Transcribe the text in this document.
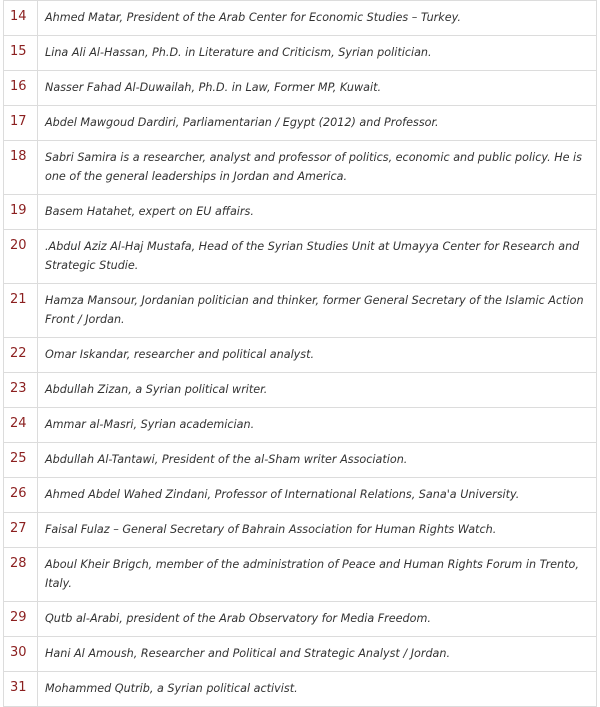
14	Ahmed Matar, President of the Arab Center for Economic Studies – Turkey.
15	Lina Ali Al-Hassan, Ph.D. in Literature and Criticism, Syrian politician.
16	Nasser Fahad Al-Duwailah, Ph.D. in Law, Former MP, Kuwait.
17	Abdel Mawgoud Dardiri, Parliamentarian / Egypt (2012) and Professor.
18	Sabri Samira is a researcher, analyst and professor of politics, economic and public policy. He is one of the general leaderships in Jordan and America.
19	Basem Hatahet, expert on EU affairs.
20	.Abdul Aziz Al-Haj Mustafa, Head of the Syrian Studies Unit at Umayya Center for Research and Strategic Studie.
21	Hamza Mansour, Jordanian politician and thinker, former General Secretary of the Islamic Action Front / Jordan.
22	Omar Iskandar, researcher and political analyst.
23	Abdullah Zizan, a Syrian political writer.
24	Ammar al-Masri, Syrian academician.
25	Abdullah Al-Tantawi, President of the al-Sham writer Association.
26	Ahmed Abdel Wahed Zindani, Professor of International Relations, Sana'a University.
27	Faisal Fulaz – General Secretary of Bahrain Association for Human Rights Watch.
28	Aboul Kheir Brigch, member of the administration of Peace and Human Rights Forum in Trento, Italy.
29	Qutb al-Arabi, president of the Arab Observatory for Media Freedom.
30	Hani Al Amoush, Researcher and Political and Strategic Analyst / Jordan.
31	Mohammed Qutrib, a Syrian political activist.
